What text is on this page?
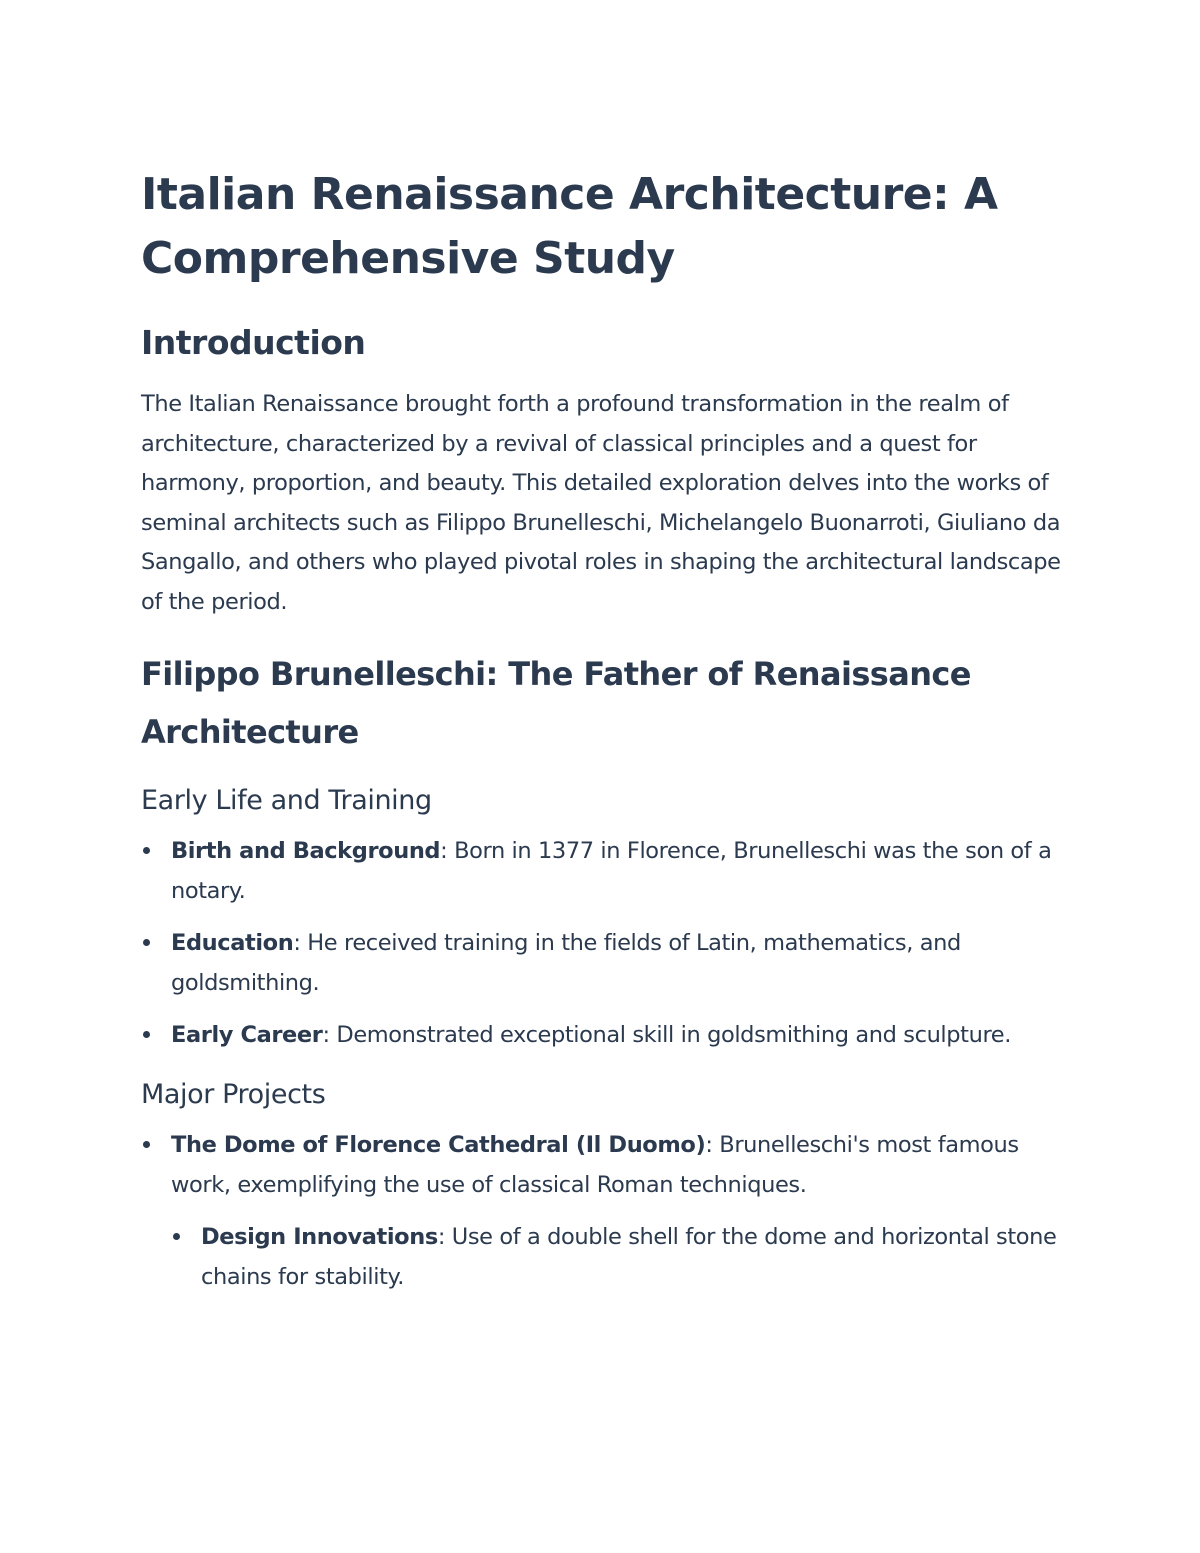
Italian Renaissance Architecture: A Comprehensive Study
Introduction

The Italian Renaissance brought forth a profound transformation in the realm of architecture, characterized by a revival of classical principles and a quest for harmony, proportion, and beauty. This detailed exploration delves into the works of seminal architects such as Filippo Brunelleschi, Michelangelo Buonarroti, Giuliano da Sangallo, and others who played pivotal roles in shaping the architectural landscape of the period.

Filippo Brunelleschi: The Father of Renaissance Architecture
Early Life and Training
Birth and Background: Born in 1377 in Florence, Brunelleschi was the son of a notary.
Education: He received training in the fields of Latin, mathematics, and goldsmithing.
Early Career: Demonstrated exceptional skill in goldsmithing and sculpture.
Major Projects
The Dome of Florence Cathedral (Il Duomo): Brunelleschi's most famous work, exemplifying the use of classical Roman techniques.
Design Innovations: Use of a double shell for the dome and horizontal stone chains for stability.
